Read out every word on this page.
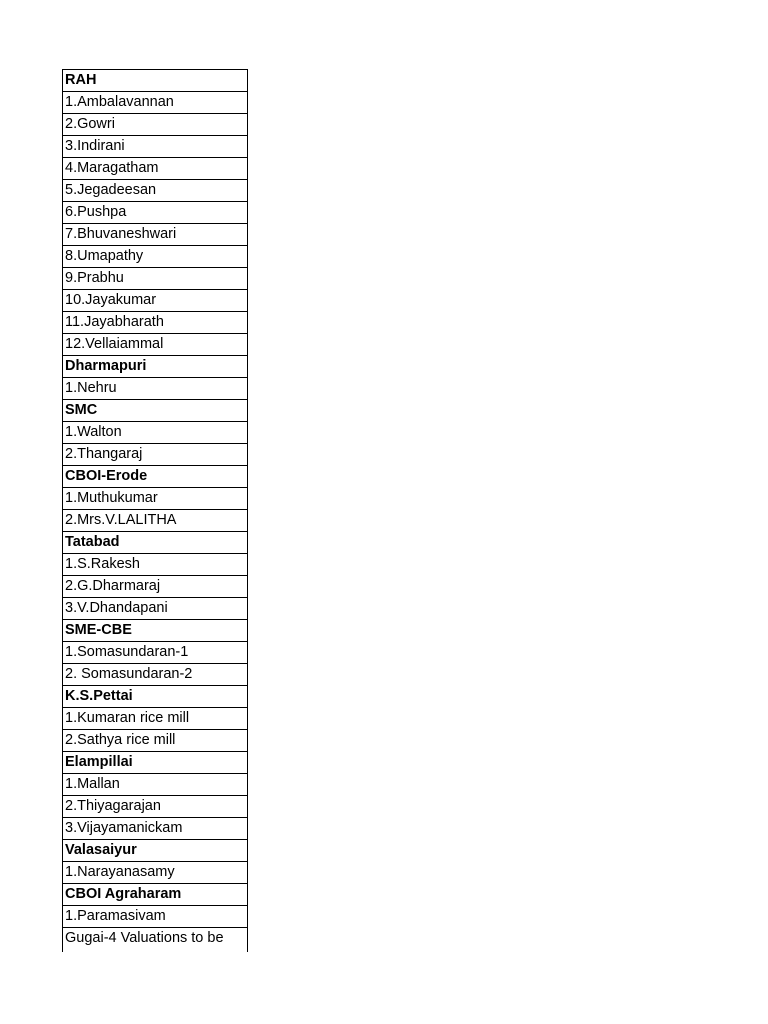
RAH
1.Ambalavannan
2.Gowri
3.Indirani
4.Maragatham
5.Jegadeesan
6.Pushpa
7.Bhuvaneshwari
8.Umapathy
9.Prabhu
10.Jayakumar
11.Jayabharath
12.Vellaiammal
Dharmapuri
1.Nehru
SMC
1.Walton
2.Thangaraj
CBOI-Erode
1.Muthukumar
2.Mrs.V.LALITHA
Tatabad
1.S.Rakesh
2.G.Dharmaraj
3.V.Dhandapani
SME-CBE
1.Somasundaran-1
2. Somasundaran-2
K.S.Pettai
1.Kumaran rice mill
2.Sathya rice mill
Elampillai
1.Mallan
2.Thiyagarajan
3.Vijayamanickam
Valasaiyur
1.Narayanasamy
CBOI Agraharam
1.Paramasivam
Gugai-4 Valuations to be
